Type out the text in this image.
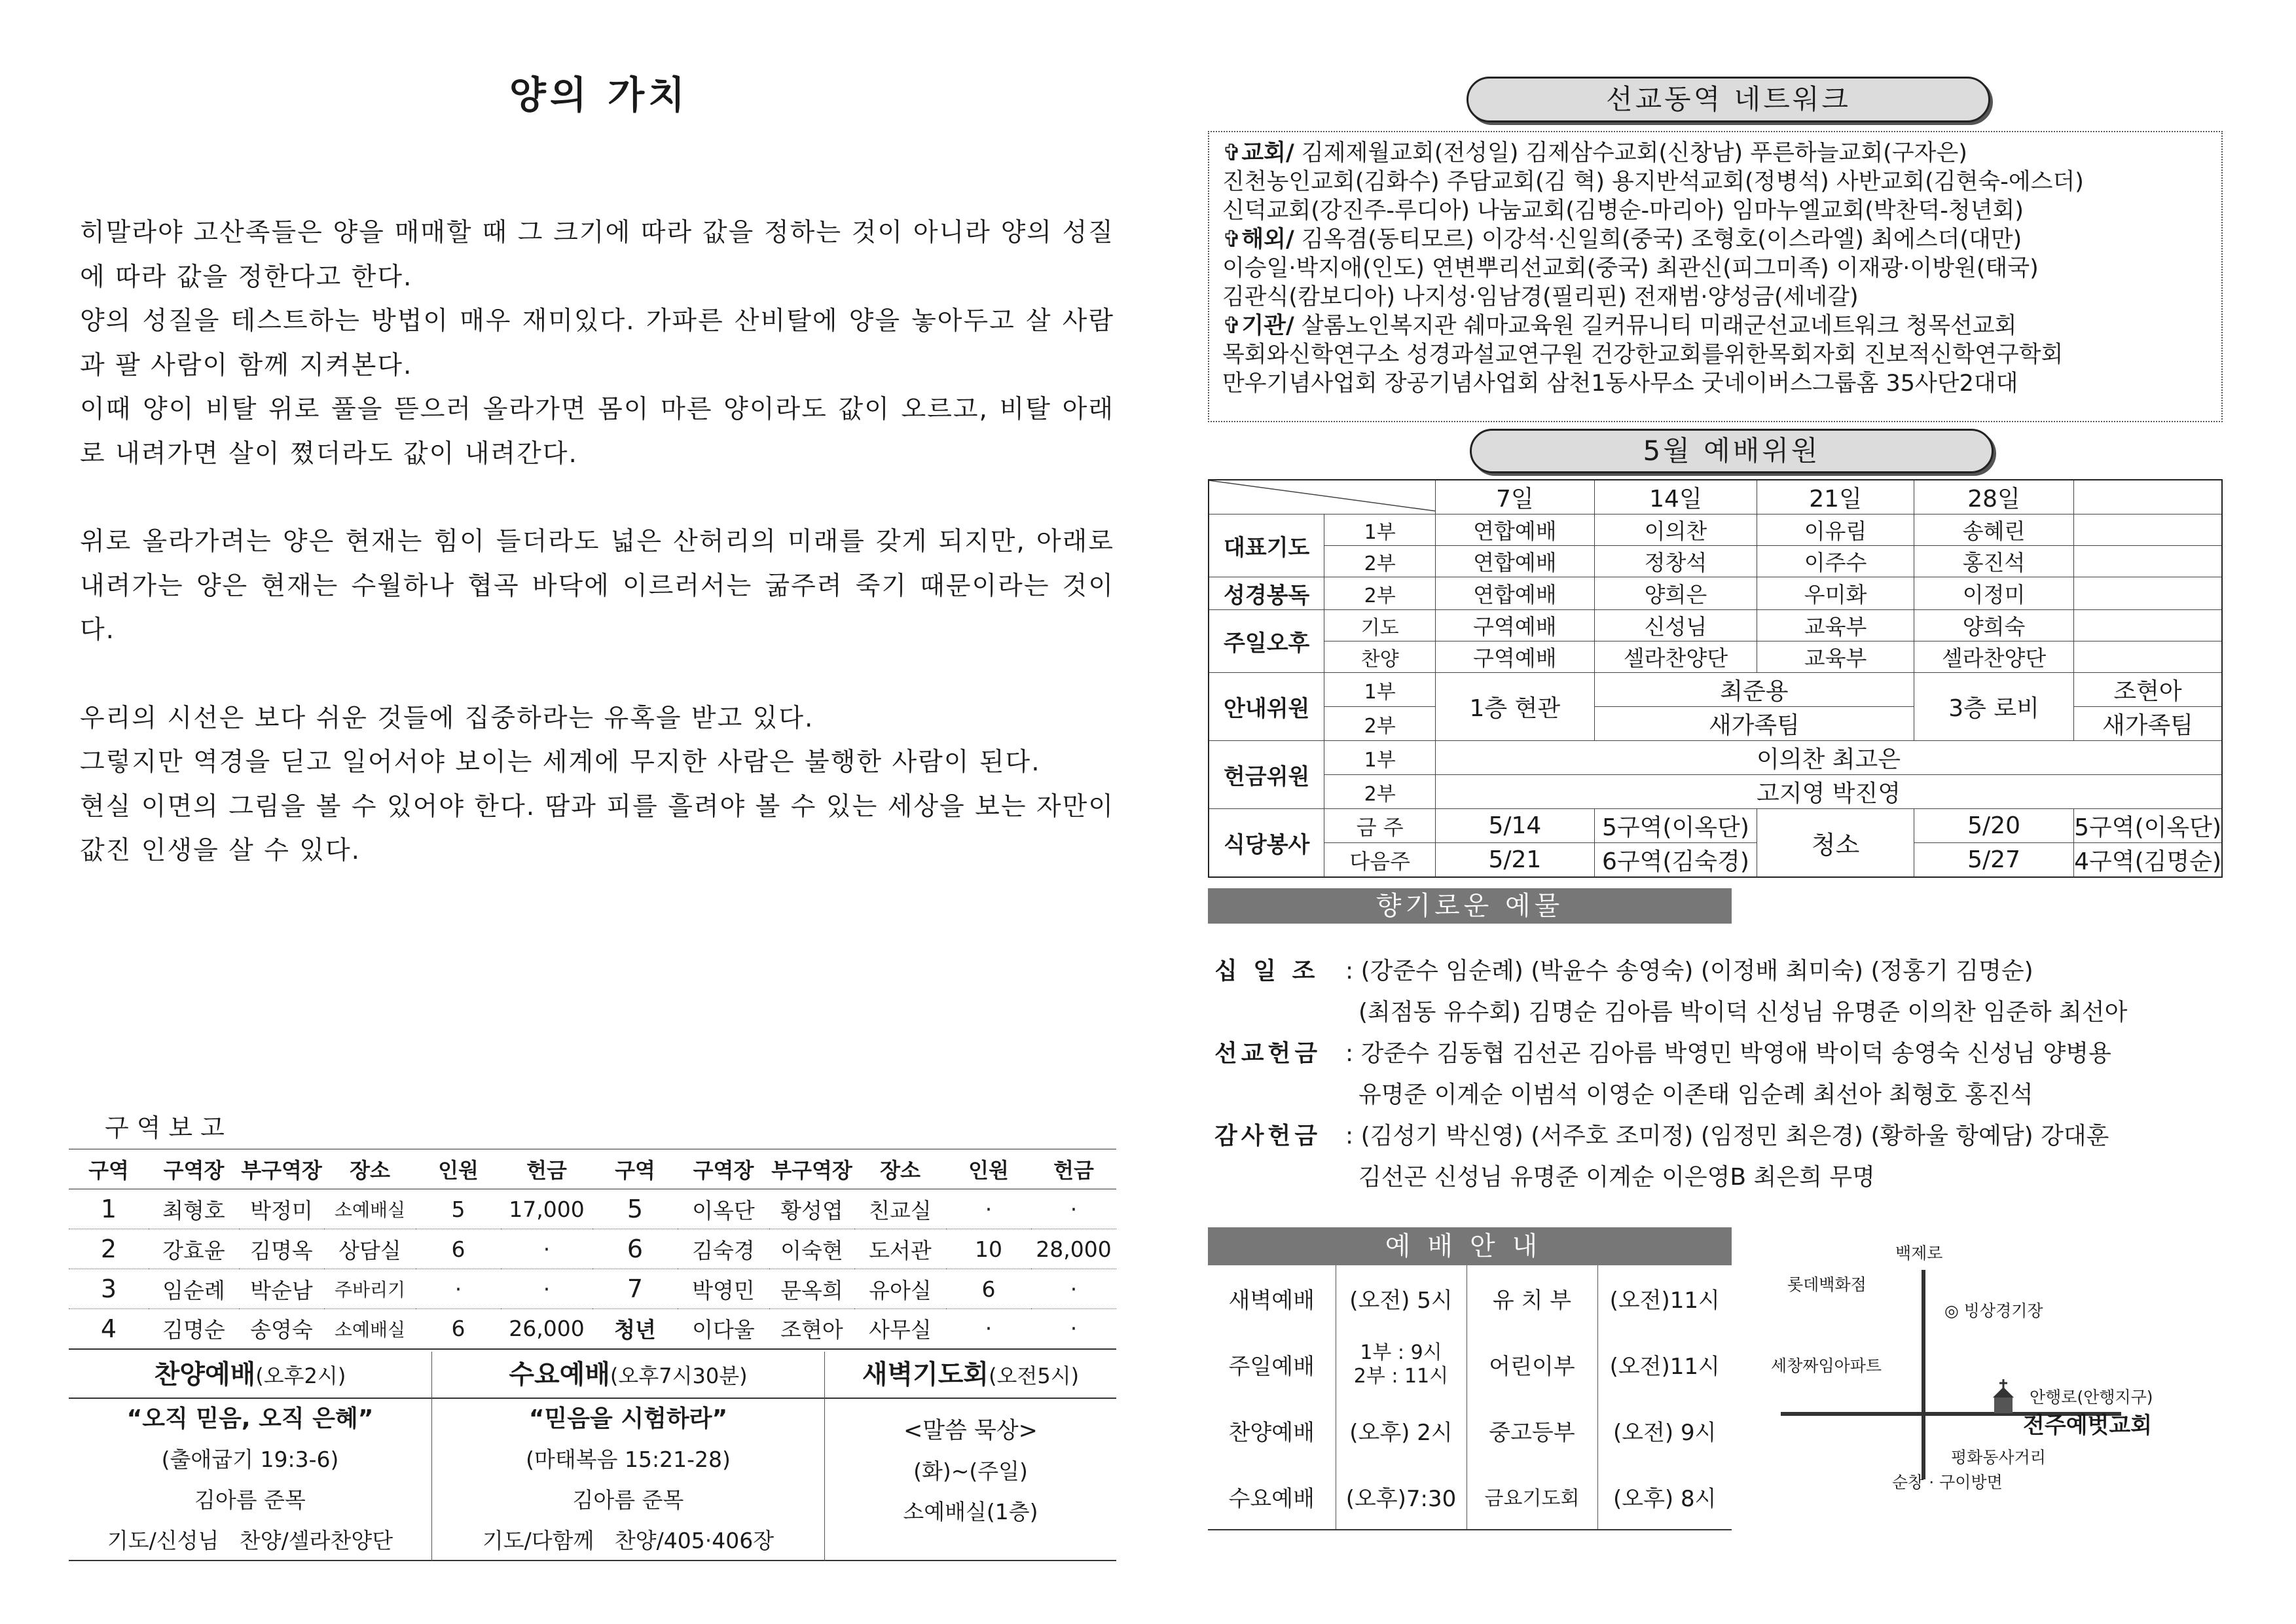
양의 가치

히말라야 고산족들은 양을 매매할 때 그 크기에 따라 값을 정하는 것이 아니라 양의 성질에 따라 값을 정한다고 한다.

양의 성질을 테스트하는 방법이 매우 재미있다. 가파른 산비탈에 양을 놓아두고 살 사람과 팔 사람이 함께 지켜본다.

이때 양이 비탈 위로 풀을 뜯으러 올라가면 몸이 마른 양이라도 값이 오르고, 비탈 아래로 내려가면 살이 쪘더라도 값이 내려간다.

위로 올라가려는 양은 현재는 힘이 들더라도 넓은 산허리의 미래를 갖게 되지만, 아래로 내려가는 양은 현재는 수월하나 협곡 바닥에 이르러서는 굶주려 죽기 때문이라는 것이다.

우리의 시선은 보다 쉬운 것들에 집중하라는 유혹을 받고 있다.

그렇지만 역경을 딛고 일어서야 보이는 세계에 무지한 사람은 불행한 사람이 된다.

현실 이면의 그림을 볼 수 있어야 한다. 땀과 피를 흘려야 볼 수 있는 세상을 보는 자만이 값진 인생을 살 수 있다.

구역보고
구역	구역장	부구역장	장소	인원	헌금	구역	구역장	부구역장	장소	인원	헌금
1	최형호	박정미	소예배실	5	17,000	5	이옥단	황성엽	친교실	·	·
2	강효윤	김명옥	상담실	6	·	6	김숙경	이숙현	도서관	10	28,000
3	임순례	박순남	주바리기	·	·	7	박영민	문옥희	유아실	6	·
4	김명순	송영숙	소예배실	6	26,000	청년	이다울	조현아	사무실	·	·
찬양예배(오후2시)
“오직 믿음, 오직 은혜”
(출애굽기 19:3-6)
김아름 준목
기도/신성님   찬양/셀라찬양단
수요예배(오후7시30분)
“믿음을 시험하라”
(마태복음 15:21-28)
김아름 준목
기도/다함께   찬양/405·406장
새벽기도회(오전5시)
<말씀 묵상>
(화)~(주일)
소예배실(1층)
선교동역 네트워크
✞교회/ 김제제월교회(전성일) 김제삼수교회(신창남) 푸른하늘교회(구자은)
진천농인교회(김화수) 주담교회(김 혁) 용지반석교회(정병석) 사반교회(김현숙-에스더)
신덕교회(강진주-루디아) 나눔교회(김병순-마리아) 임마누엘교회(박찬덕-청년회)
✞해외/ 김옥겸(동티모르) 이강석·신일희(중국) 조형호(이스라엘) 최에스더(대만)
이승일·박지애(인도) 연변뿌리선교회(중국) 최관신(피그미족) 이재광·이방원(태국)
김관식(캄보디아) 나지성·임남경(필리핀) 전재범·양성금(세네갈)
✞기관/ 살롬노인복지관 쉐마교육원 길커뮤니티 미래군선교네트워크 청목선교회
목회와신학연구소 성경과설교연구원 건강한교회를위한목회자회 진보적신학연구학회
만우기념사업회 장공기념사업회 삼천1동사무소 굿네이버스그룹홈 35사단2대대
5월 예배위원
	7일	14일	21일	28일	
대표기도	1부	연합예배	이의찬	이유림	송혜린	
	2부	연합예배	정창석	이주수	홍진석	
성경봉독	2부	연합예배	양희은	우미화	이정미	
주일오후	기도	구역예배	신성님	교육부	양희숙	
	찬양	구역예배	셀라찬양단	교육부	셀라찬양단	
안내위원	1부	1층 현관	최준용		3층 로비	조현아
	2부		새가족팀			새가족팀
헌금위원	1부	이의찬 최고은				
	2부	고지영 박진영				
식당봉사	금 주	5/14	5구역(이옥단)	청소	5/20	5구역(이옥단)
	다음주	5/21	6구역(김숙경)		5/27	4구역(김명순)
향기로운 예물
십 일 조 : (강준수 임순례) (박윤수 송영숙) (이정배 최미숙) (정홍기 김명순)
(최점동 유수회) 김명순 김아름 박이덕 신성님 유명준 이의찬 임준하 최선아
선교헌금 : 강준수 김동협 김선곤 김아름 박영민 박영애 박이덕 송영숙 신성님 양병용
유명준 이계순 이범석 이영순 이존태 임순례 최선아 최형호 홍진석
감사헌금 : (김성기 박신영) (서주호 조미정) (임정민 최은경) (황하울 항예담) 강대훈
김선곤 신성님 유명준 이계순 이은영B 최은희 무명
예배안내
새벽예배	(오전) 5시	유 치 부	(오전)11시
주일예배	1부 : 9시
2부 : 11시	어린이부	(오전)11시
찬양예배	(오후) 2시	중고등부	(오전) 9시
수요예배	(오후)7:30	금요기도회	(오후) 8시
백제로
롯데백화점
◎ 빙상경기장
세창짜임아파트
안행로(안행지구)
전주예벗교회
평화동사거리
순창 · 구이방면
